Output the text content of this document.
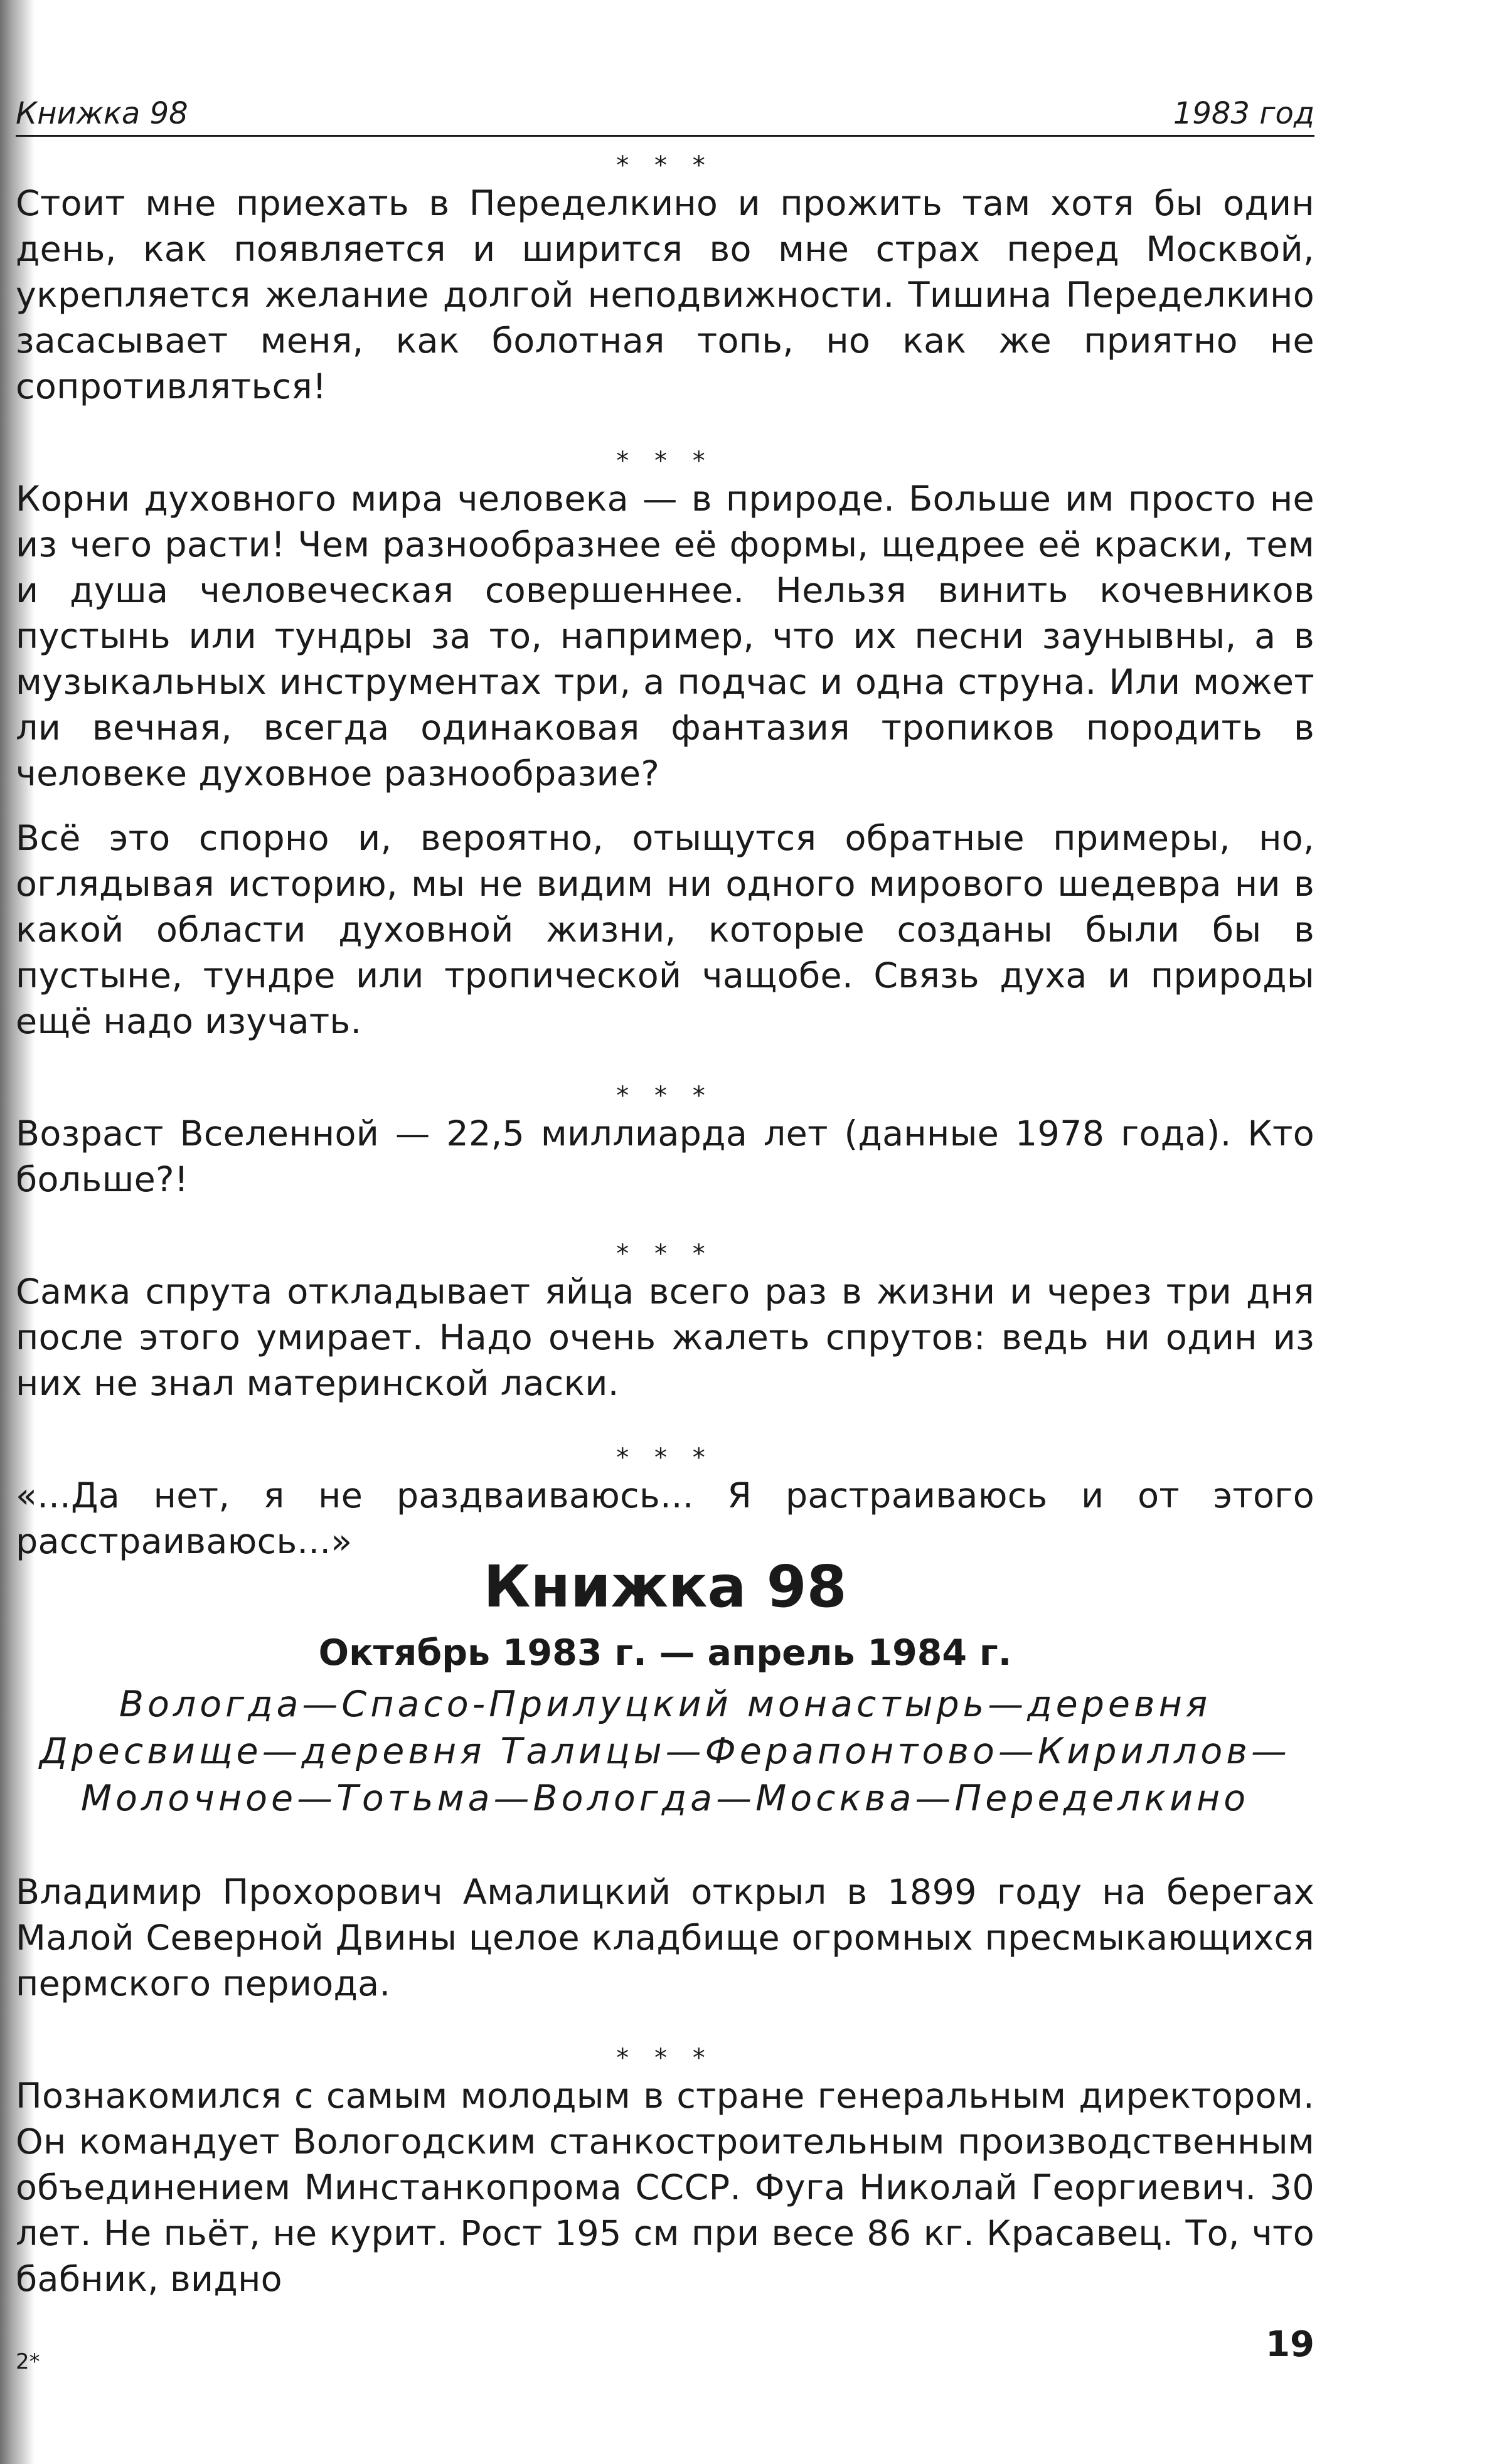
Книжка 98	1983 год

* * *

Стоит мне приехать в Переделкино и прожить там хотя бы один день, как появляется и ширится во мне страх перед Москвой, укрепляется желание долгой неподвижности. Тишина Переделкино засасывает меня, как болотная топь, но как же приятно не сопротивляться!

* * *

Корни духовного мира человека — в природе. Больше им просто не из чего расти! Чем разнообразнее её формы, щедрее её краски, тем и душа человеческая совершеннее. Нельзя винить кочевников пустынь или тундры за то, например, что их песни заунывны, а в музыкальных инструментах три, а подчас и одна струна. Или может ли вечная, всегда одинаковая фантазия тропиков породить в человеке духовное разнообразие?

Всё это спорно и, вероятно, отыщутся обратные примеры, но, оглядывая историю, мы не видим ни одного мирового шедевра ни в какой области духовной жизни, которые созданы были бы в пустыне, тундре или тропической чащобе. Связь духа и природы ещё надо изучать.

* * *

Возраст Вселенной — 22,5 миллиарда лет (данные 1978 года). Кто больше?!

* * *

Самка спрута откладывает яйца всего раз в жизни и через три дня после этого умирает. Надо очень жалеть спрутов: ведь ни один из них не знал материнской ласки.

* * *

«...Да нет, я не раздваиваюсь... Я растраиваюсь и от этого расстраиваюсь...»

Книжка 98

Октябрь 1983 г. — апрель 1984 г.

Вологда—Спасо-Прилуцкий монастырь—деревня

Дресвище—деревня Талицы—Ферапонтово—Кириллов—

Молочное—Тотьма—Вологда—Москва—Переделкино

Владимир Прохорович Амалицкий открыл в 1899 году на берегах Малой Северной Двины целое кладбище огромных пресмыкающихся пермского периода.

* * *

Познакомился с самым молодым в стране генеральным директором. Он командует Вологодским станкостроительным производственным объединением Минстанкопрома СССР. Фуга Николай Георгиевич. 30 лет. Не пьёт, не курит. Рост 195 см при весе 86 кг. Красавец. То, что бабник, видно

19
2*
